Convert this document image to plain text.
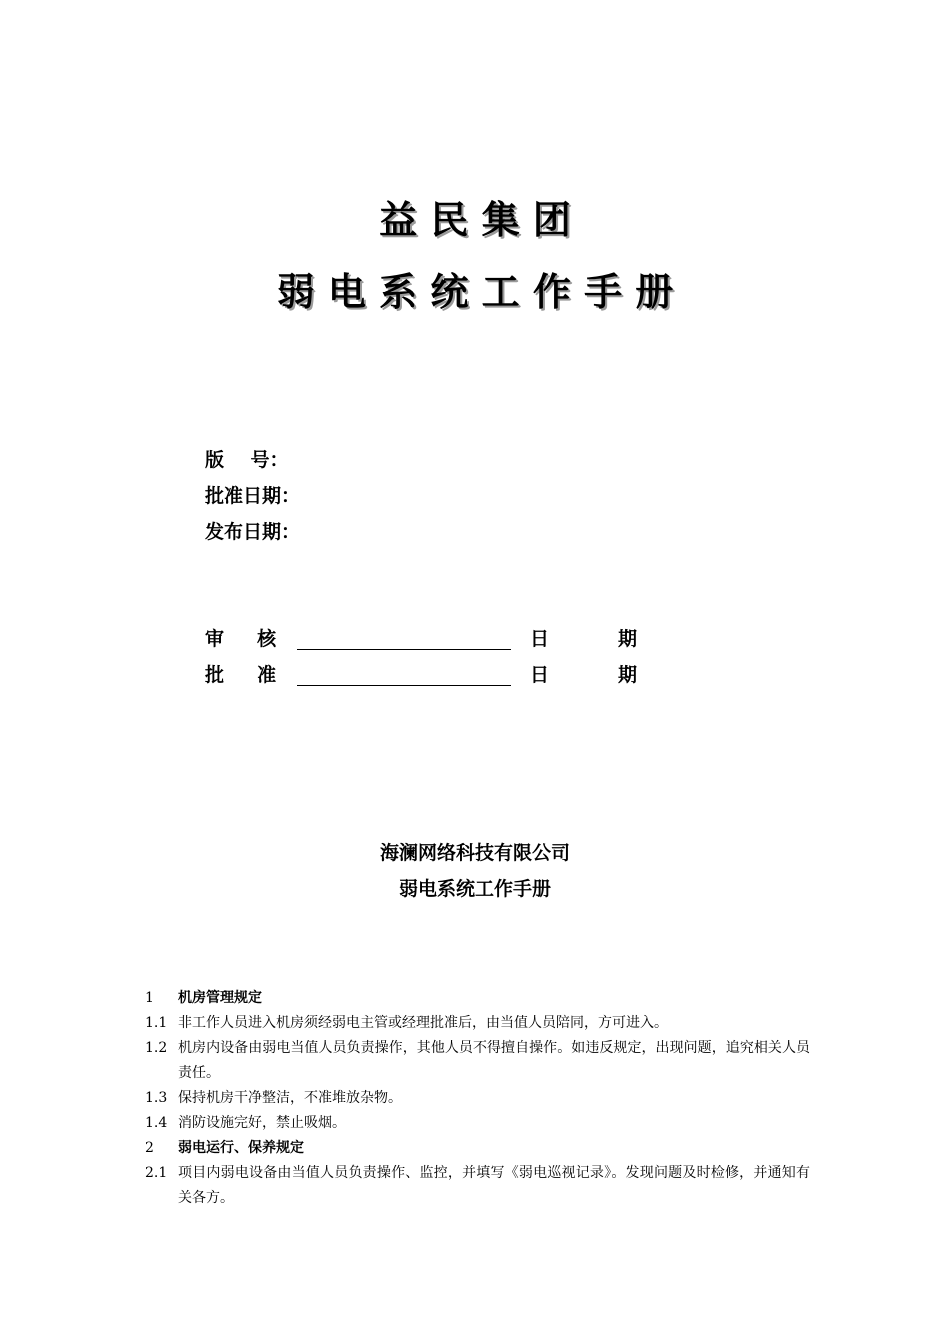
益 民 集 团
弱 电 系 统 工 作 手 册
版    号：
批准日期：
发布日期：
审     核	日	期
批     准	日	期
海澜网络科技有限公司
弱电系统工作手册
1	机房管理规定
1.1 非工作人员进入机房须经弱电主管或经理批准后，由当值人员陪同，方可进入。
1.2 机房内设备由弱电当值人员负责操作，其他人员不得擅自操作。如违反规定，出现问题，追究相关人员责任。
1.3 保持机房干净整洁，不准堆放杂物。
1.4 消防设施完好，禁止吸烟。
2	弱电运行、保养规定
2.1 项目内弱电设备由当值人员负责操作、监控，并填写《弱电巡视记录》。发现问题及时检修，并通知有关各方。
